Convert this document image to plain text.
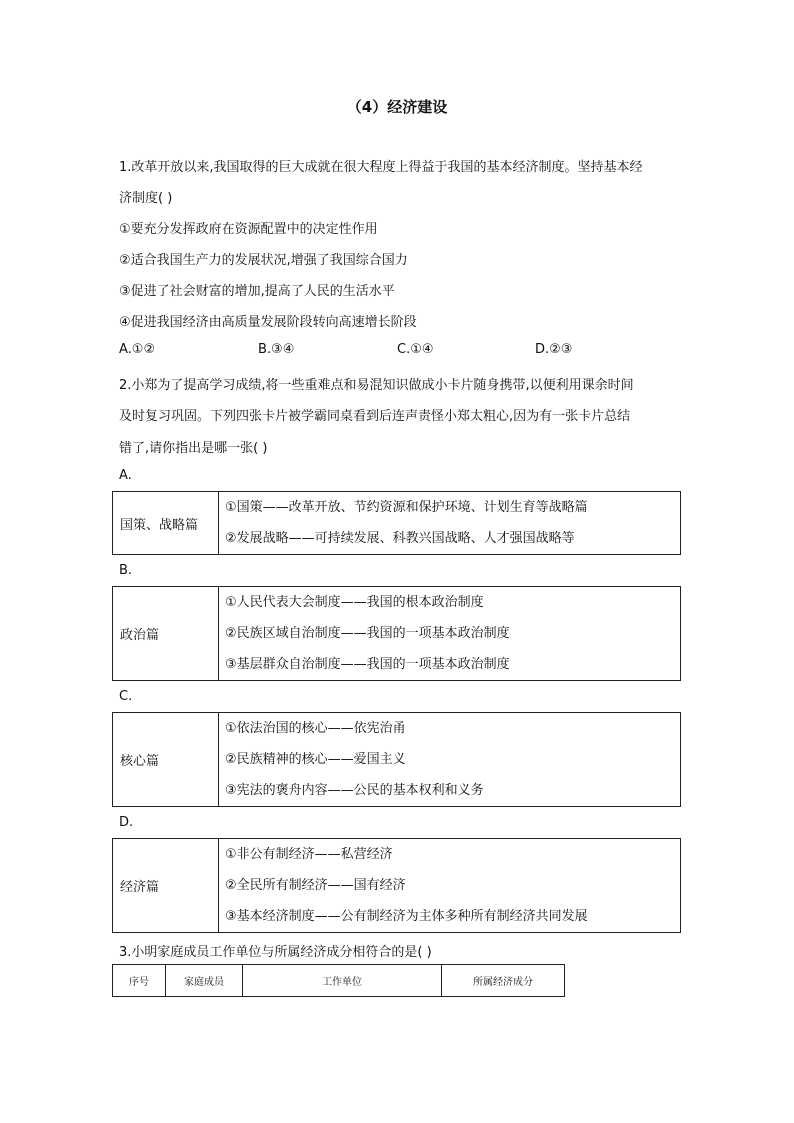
（4）经济建设
1.改革开放以来,我国取得的巨大成就在很大程度上得益于我国的基本经济制度。坚持基本经
济制度( )
①要充分发挥政府在资源配置中的决定性作用
②适合我国生产力的发展状况,增强了我国综合国力
③促进了社会财富的增加,提高了人民的生活水平
④促进我国经济由高质量发展阶段转向高速增长阶段
A.①②	B.③④	C.①④	D.②③
2.小郑为了提高学习成绩,将一些重难点和易混知识做成小卡片随身携带,以便利用课余时间
及时复习巩固。下列四张卡片被学霸同桌看到后连声责怪小郑太粗心,因为有一张卡片总结
错了,请你指出是哪一张( )
A.
国策、战略篇	
①国策——改革开放、节约资源和保护环境、计划生育等战略篇
②发展战略——可持续发展、科教兴国战略、人才强国战略等
B.
政治篇	
①人民代表大会制度——我国的根本政治制度
②民族区域自治制度——我国的一项基本政治制度
③基层群众自治制度——我国的一项基本政治制度
C.
核心篇	
①依法治国的核心——依宪治甬
②民族精神的核心——爱国主义
③宪法的褒舟内容——公民的基本权利和义务
D.
经济篇	
①非公有制经济——私营经济
②全民所有制经济——国有经济
③基本经济制度——公有制经济为主体多种所有制经济共同发展
3.小明家庭成员工作单位与所属经济成分相符合的是( )
序号	家庭成员	工作单位	所属经济成分
